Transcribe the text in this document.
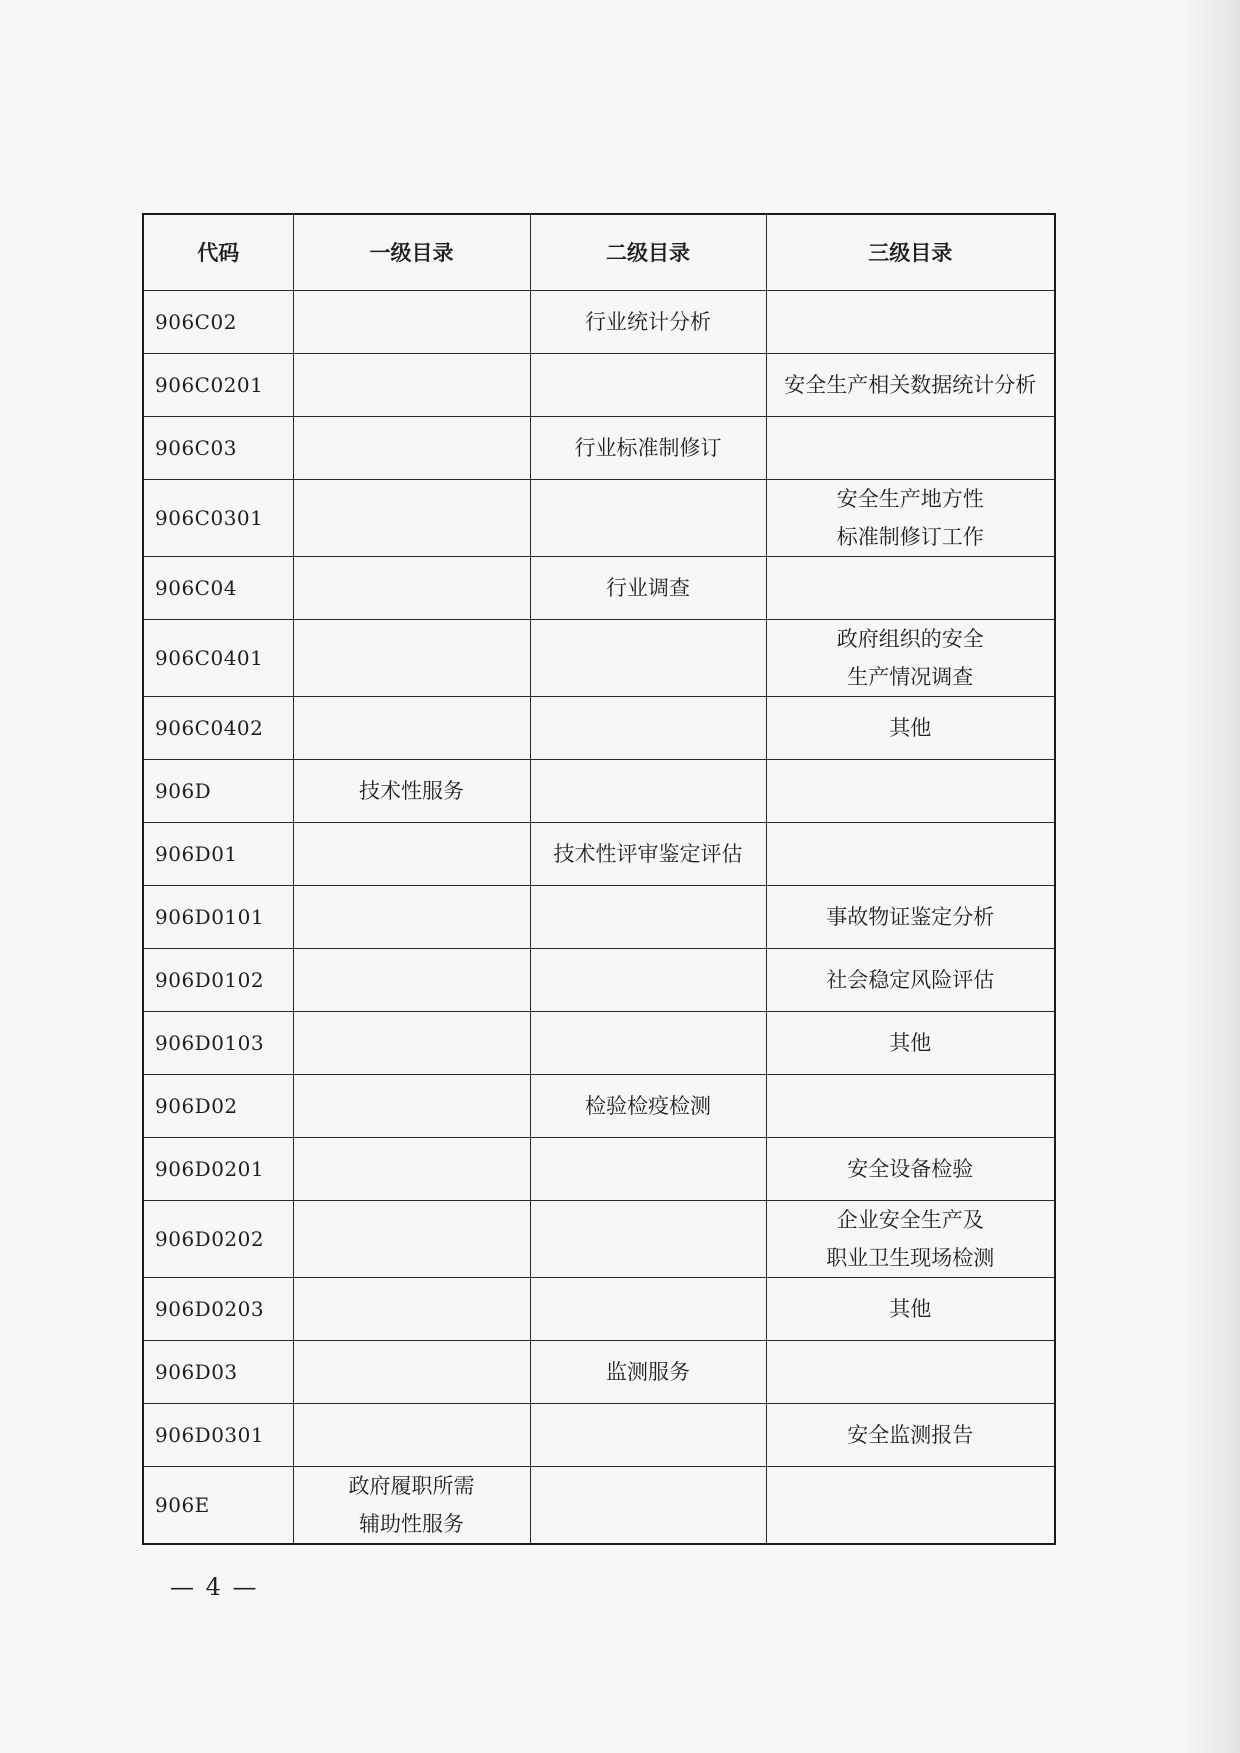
代码	一级目录	二级目录	三级目录
906C02		行业统计分析	
906C0201			安全生产相关数据统计分析
906C03		行业标准制修订	
906C0301			安全生产地方性
标准制修订工作
906C04		行业调查	
906C0401			政府组织的安全
生产情况调查
906C0402			其他
906D	技术性服务		
906D01		技术性评审鉴定评估	
906D0101			事故物证鉴定分析
906D0102			社会稳定风险评估
906D0103			其他
906D02		检验检疫检测	
906D0201			安全设备检验
906D0202			企业安全生产及
职业卫生现场检测
906D0203			其他
906D03		监测服务	
906D0301			安全监测报告
906E	政府履职所需
辅助性服务		
— 4 —
